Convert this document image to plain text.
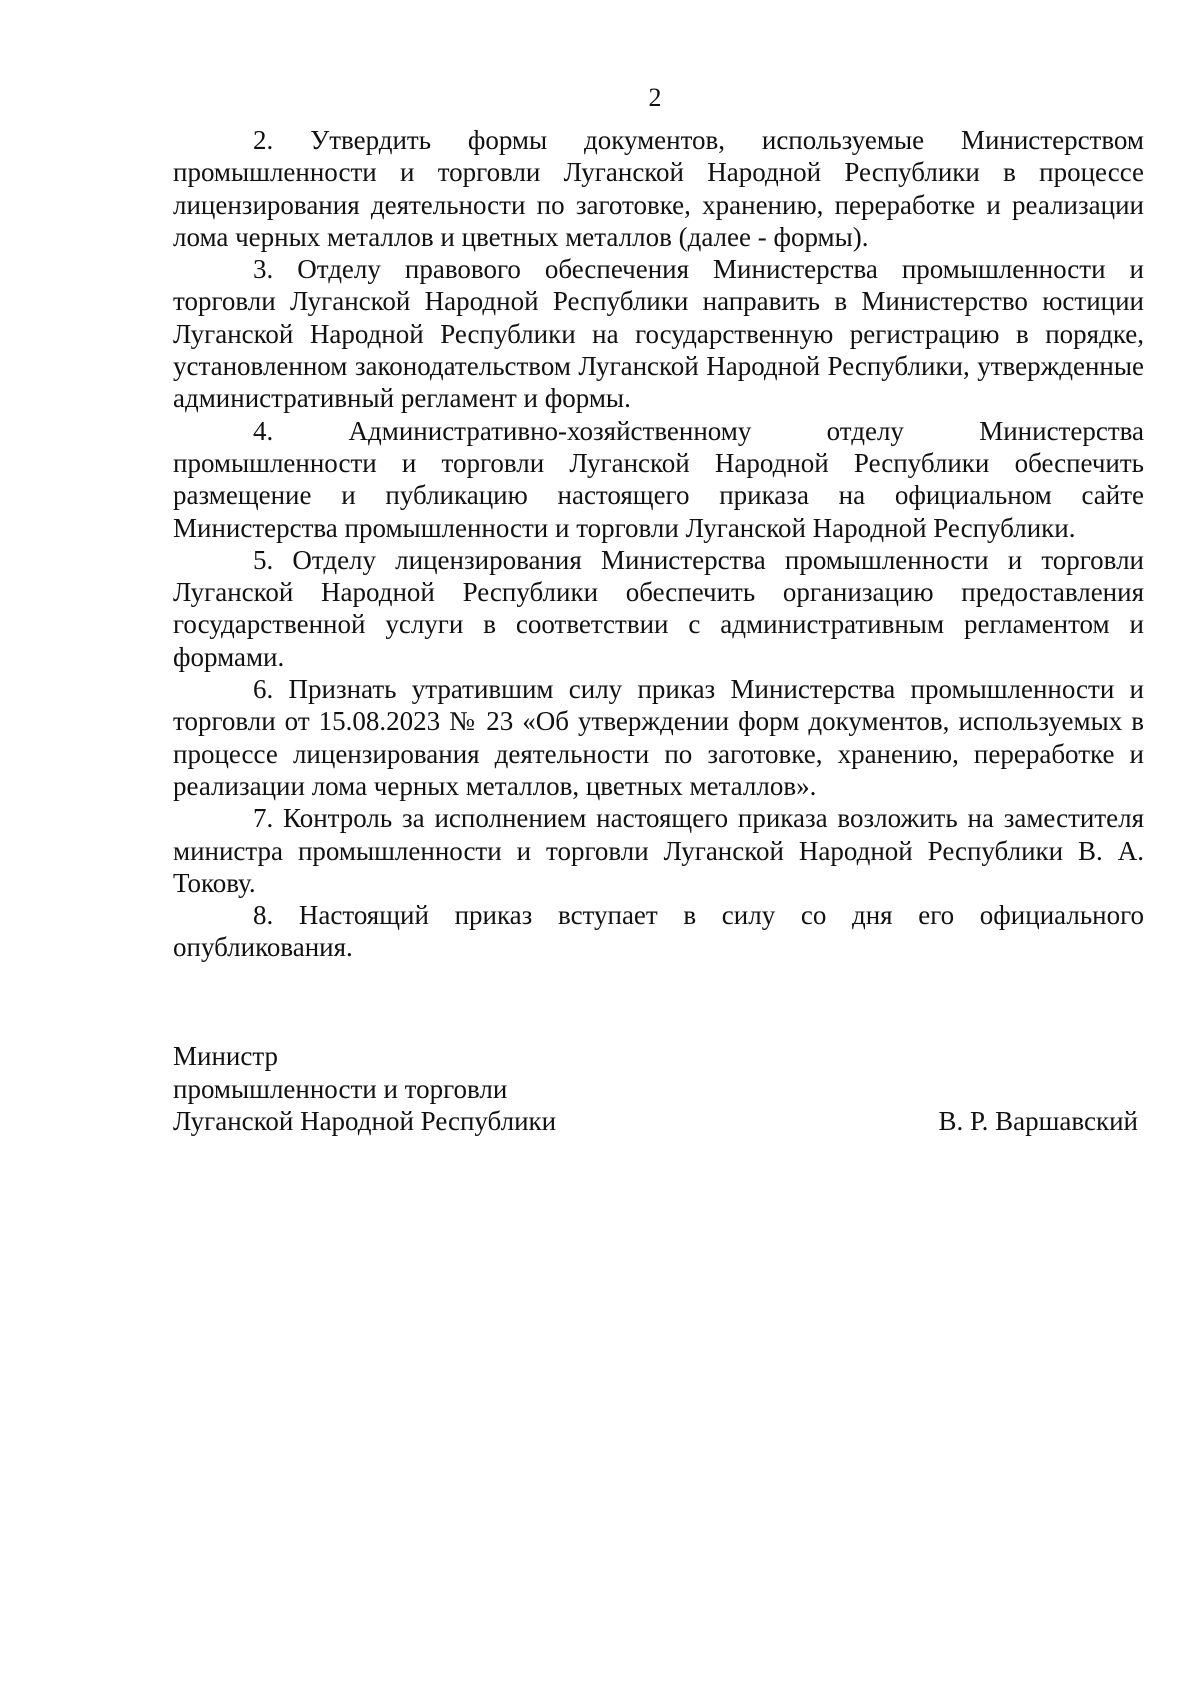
2

2. Утвердить формы документов, используемые Министерством промышленности и торговли Луганской Народной Республики в процессе лицензирования деятельности по заготовке, хранению, переработке и реализации лома черных металлов и цветных металлов (далее - формы).

3. Отделу правового обеспечения Министерства промышленности и торговли Луганской Народной Республики направить в Министерство юстиции Луганской Народной Республики на государственную регистрацию в порядке, установленном законодательством Луганской Народной Республики, утвержденные административный регламент и формы.

4. Административно-хозяйственному отделу Министерства промышленности и торговли Луганской Народной Республики обеспечить размещение и публикацию настоящего приказа на официальном сайте Министерства промышленности и торговли Луганской Народной Республики.

5. Отделу лицензирования Министерства промышленности и торговли Луганской Народной Республики обеспечить организацию предоставления государственной услуги в соответствии с административным регламентом и формами.

6. Признать утратившим силу приказ Министерства промышленности и торговли от 15.08.2023 № 23 «Об утверждении форм документов, используемых в процессе лицензирования деятельности по заготовке, хранению, переработке и реализации лома черных металлов, цветных металлов».

7. Контроль за исполнением настоящего приказа возложить на заместителя министра промышленности и торговли Луганской Народной Республики В. А. Токову.

8. Настоящий приказ вступает в силу со дня его официального опубликования.

Министр
промышленности и торговли
Луганской Народной Республики	В. Р. Варшавский
